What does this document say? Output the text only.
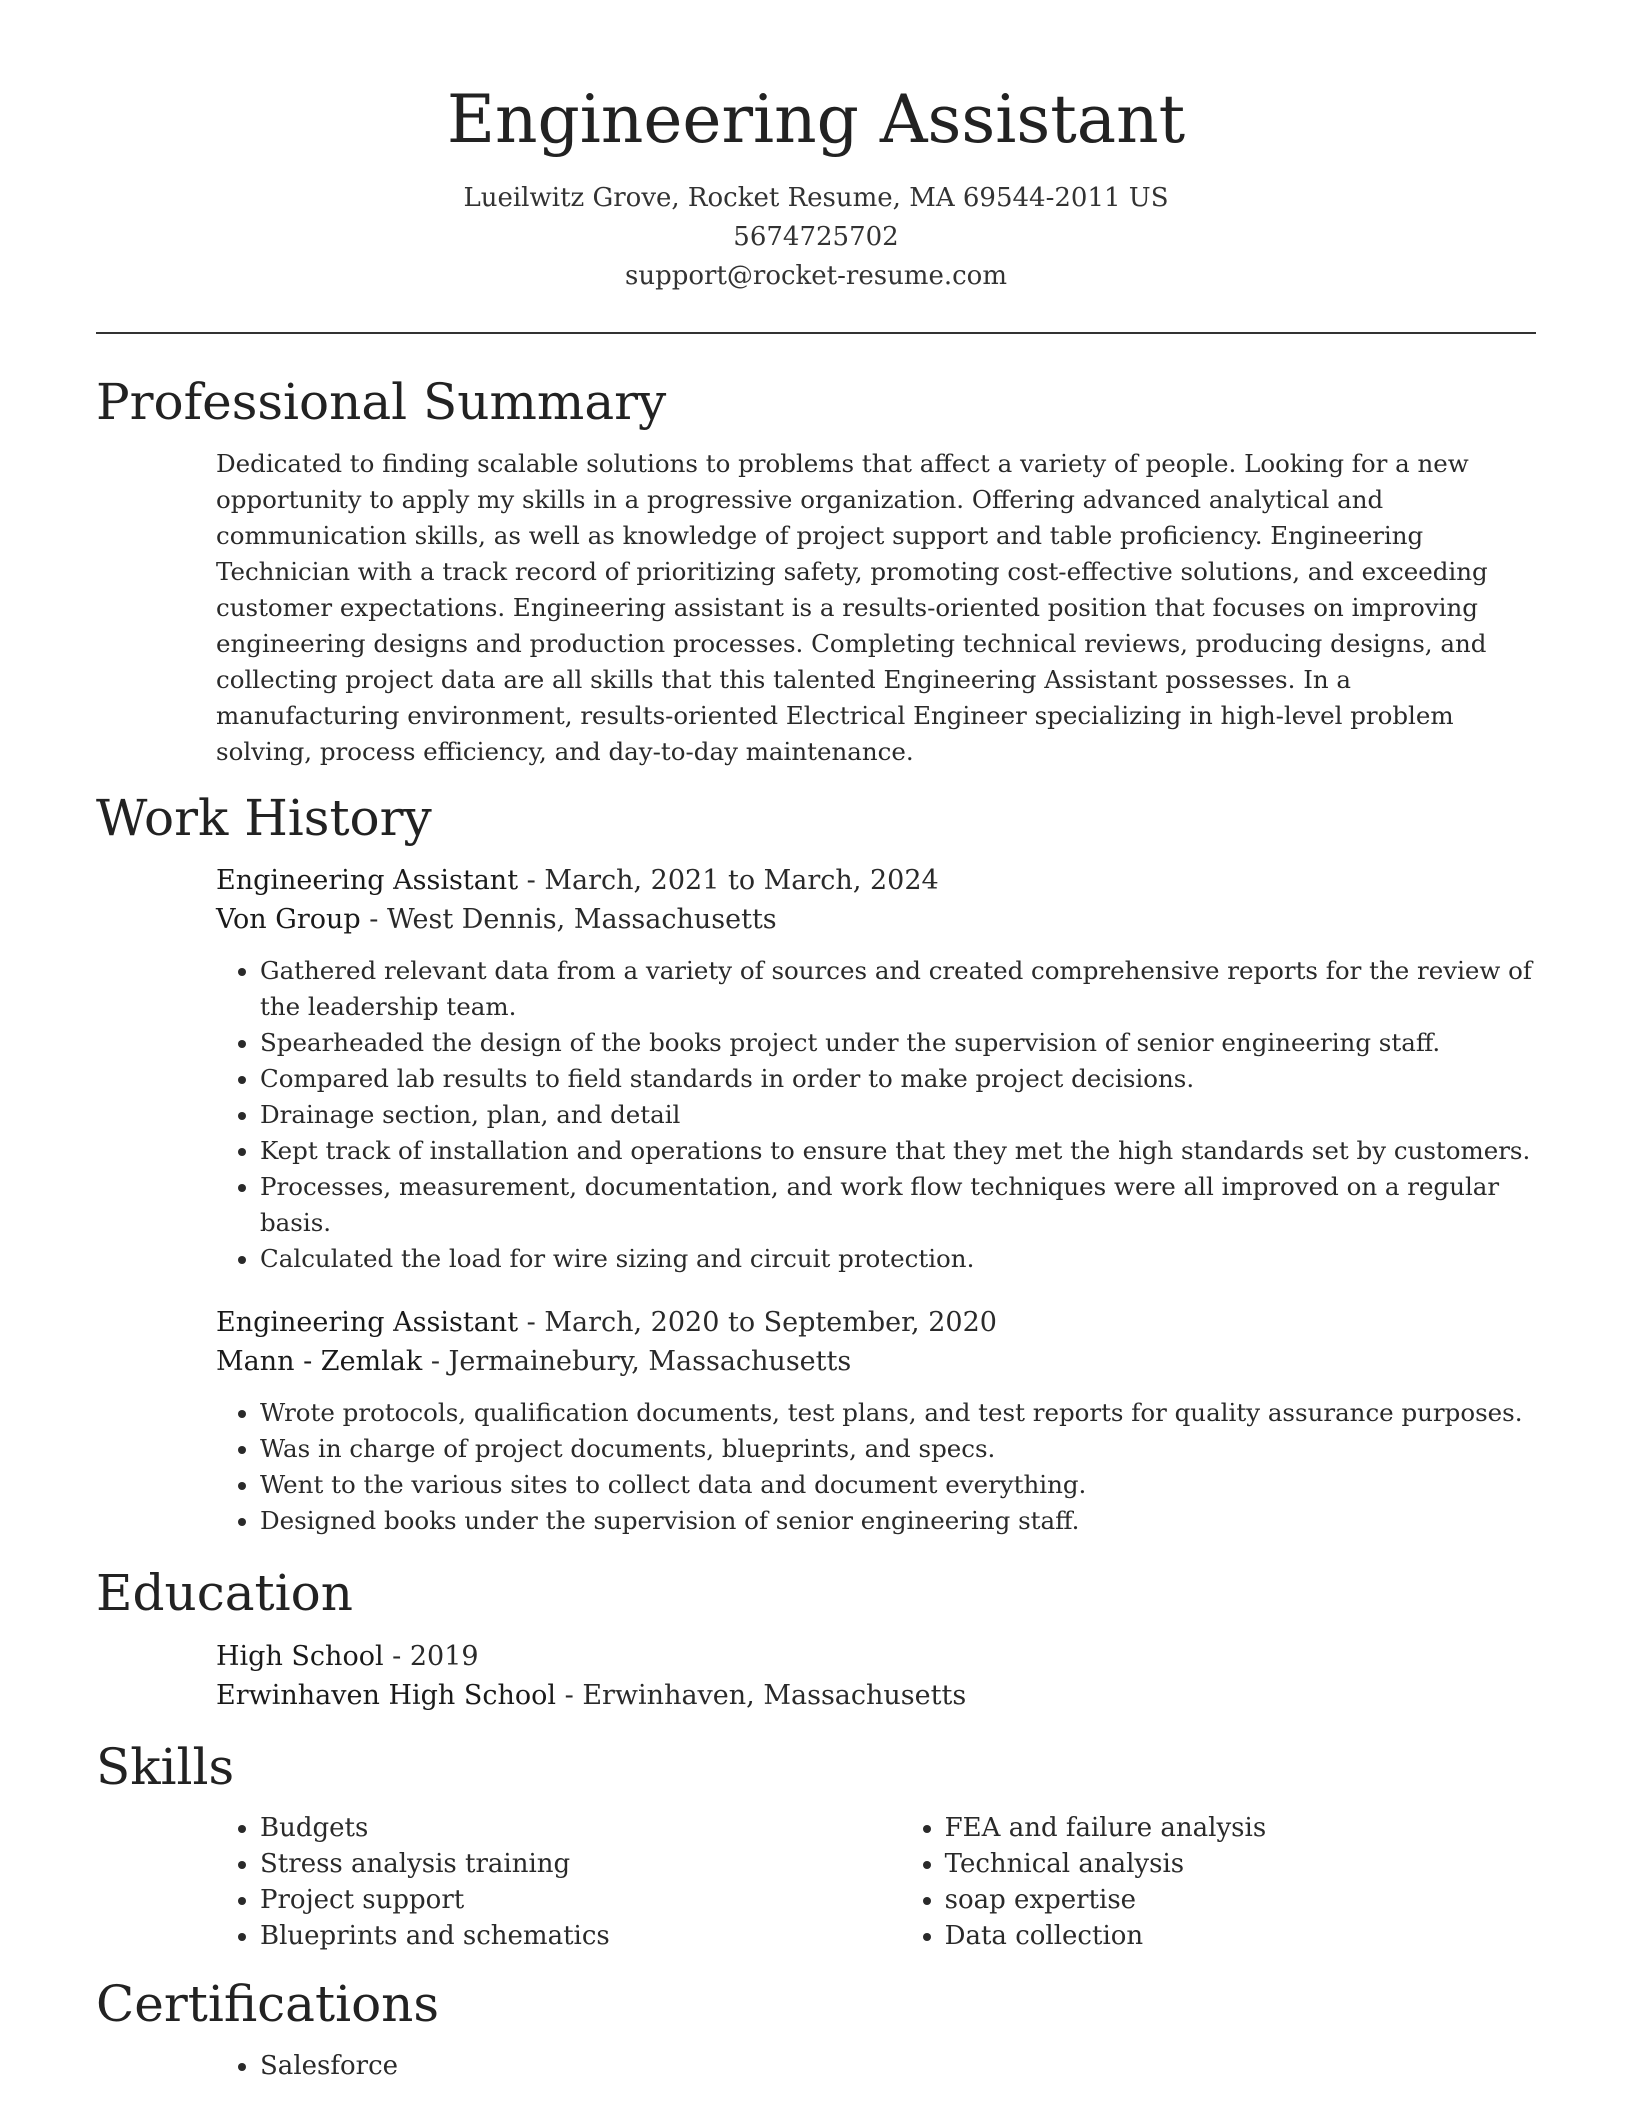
Engineering Assistant
Lueilwitz Grove, Rocket Resume, MA 69544-2011 US
5674725702
support@rocket-resume.com
Professional Summary

Dedicated to finding scalable solutions to problems that affect a variety of people. Looking for a new opportunity to apply my skills in a progressive organization. Offering advanced analytical and communication skills, as well as knowledge of project support and table proficiency. Engineering Technician with a track record of prioritizing safety, promoting cost-effective solutions, and exceeding customer expectations. Engineering assistant is a results-oriented position that focuses on improving engineering designs and production processes. Completing technical reviews, producing designs, and collecting project data are all skills that this talented Engineering Assistant possesses. In a manufacturing environment, results-oriented Electrical Engineer specializing in high-level problem solving, process efficiency, and day-to-day maintenance.

Work History
Engineering Assistant - March, 2021 to March, 2024
Von Group - West Dennis, Massachusetts
• Gathered relevant data from a variety of sources and created comprehensive reports for the review of the leadership team.
• Spearheaded the design of the books project under the supervision of senior engineering staff.
• Compared lab results to field standards in order to make project decisions.
• Drainage section, plan, and detail
• Kept track of installation and operations to ensure that they met the high standards set by customers.
• Processes, measurement, documentation, and work flow techniques were all improved on a regular basis.
• Calculated the load for wire sizing and circuit protection.
Engineering Assistant - March, 2020 to September, 2020
Mann - Zemlak - Jermainebury, Massachusetts
• Wrote protocols, qualification documents, test plans, and test reports for quality assurance purposes.
• Was in charge of project documents, blueprints, and specs.
• Went to the various sites to collect data and document everything.
• Designed books under the supervision of senior engineering staff.
Education
High School - 2019
Erwinhaven High School - Erwinhaven, Massachusetts
Skills
• Budgets
• Stress analysis training
• Project support
• Blueprints and schematics
• FEA and failure analysis
• Technical analysis
• soap expertise
• Data collection
Certifications
• Salesforce
